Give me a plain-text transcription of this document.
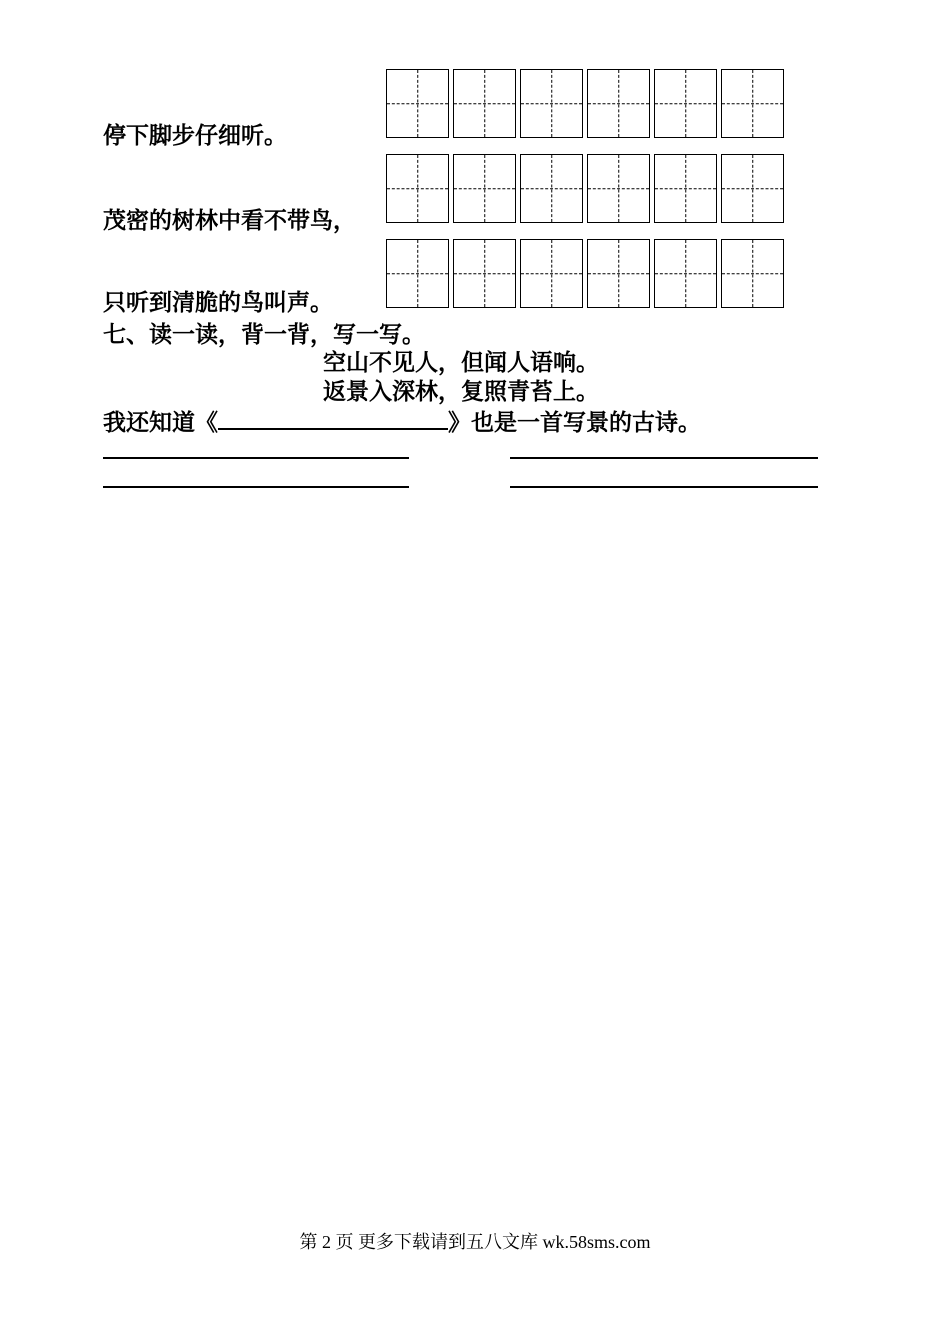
停下脚步仔细听。
茂密的树林中看不带鸟，
只听到清脆的鸟叫声。
七、读一读，背一背，写一写。
空山不见人，但闻人语响。
返景入深林，复照青苔上。
我还知道《	》也是一首写景的古诗。
第 2 页 更多下载请到五八文库 wk.58sms.com
